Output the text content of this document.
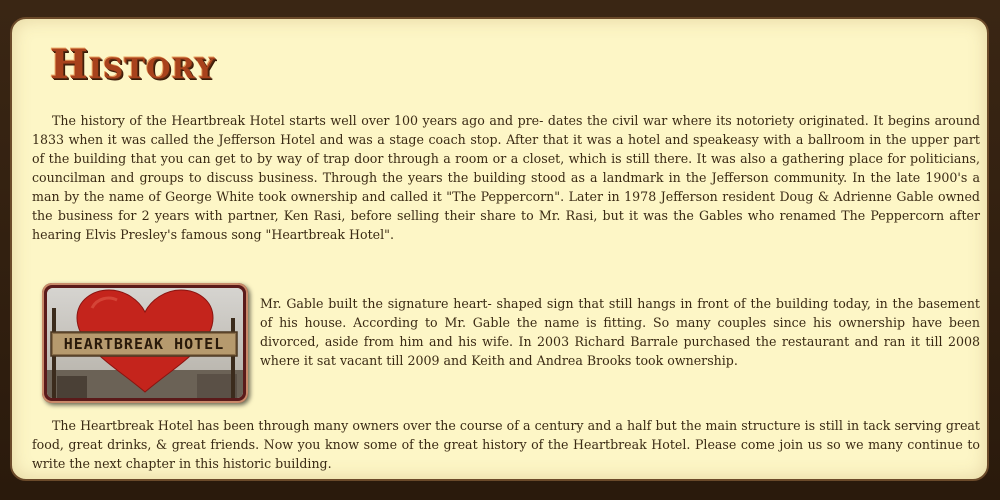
HISTORY

The history of the Heartbreak Hotel starts well over 100 years ago and pre- dates the civil war where its notoriety originated. It begins around 1833 when it was called the Jefferson Hotel and was a stage coach stop. After that it was a hotel and speakeasy with a ballroom in the upper part of the building that you can get to by way of trap door through a room or a closet, which is still there. It was also a gathering place for politicians, councilman and groups to discuss business. Through the years the building stood as a landmark in the Jefferson community. In the late 1900's a man by the name of George White took ownership and called it "The Peppercorn". Later in 1978 Jefferson resident Doug & Adrienne Gable owned the business for 2 years with partner, Ken Rasi, before selling their share to Mr. Rasi, but it was the Gables who renamed The Peppercorn after hearing Elvis Presley's famous song "Heartbreak Hotel".

HEARTBREAK HOTEL

Mr. Gable built the signature heart- shaped sign that still hangs in front of the building today, in the basement of his house. According to Mr. Gable the name is fitting. So many couples since his ownership have been divorced, aside from him and his wife. In 2003 Richard Barrale purchased the restaurant and ran it till 2008 where it sat vacant till 2009 and Keith and Andrea Brooks took ownership.

The Heartbreak Hotel has been through many owners over the course of a century and a half but the main structure is still in tack serving great food, great drinks, & great friends. Now you know some of the great history of the Heartbreak Hotel. Please come join us so we many continue to write the next chapter in this historic building.
